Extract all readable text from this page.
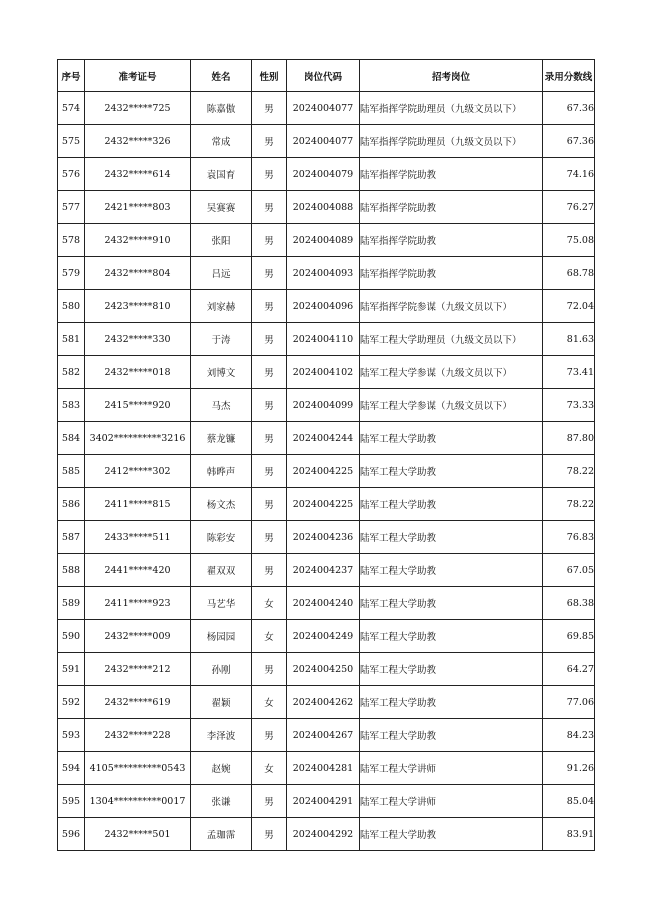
序号	准考证号	姓名	性别	岗位代码	招考岗位	录用分数线
574	2432*****725	陈嘉傲	男	2024004077	陆军指挥学院助理员（九级文员以下）	67.36
575	2432*****326	常成	男	2024004077	陆军指挥学院助理员（九级文员以下）	67.36
576	2432*****614	袁国育	男	2024004079	陆军指挥学院助教	74.16
577	2421*****803	吴赛赛	男	2024004088	陆军指挥学院助教	76.27
578	2432*****910	张阳	男	2024004089	陆军指挥学院助教	75.08
579	2432*****804	吕远	男	2024004093	陆军指挥学院助教	68.78
580	2423*****810	刘家赫	男	2024004096	陆军指挥学院参谋（九级文员以下）	72.04
581	2432*****330	于涛	男	2024004110	陆军工程大学助理员（九级文员以下）	81.63
582	2432*****018	刘博文	男	2024004102	陆军工程大学参谋（九级文员以下）	73.41
583	2415*****920	马杰	男	2024004099	陆军工程大学参谋（九级文员以下）	73.33
584	3402**********3216	蔡龙镰	男	2024004244	陆军工程大学助教	87.80
585	2412*****302	韩晔声	男	2024004225	陆军工程大学助教	78.22
586	2411*****815	杨文杰	男	2024004225	陆军工程大学助教	78.22
587	2433*****511	陈彩安	男	2024004236	陆军工程大学助教	76.83
588	2441*****420	翟双双	男	2024004237	陆军工程大学助教	67.05
589	2411*****923	马艺华	女	2024004240	陆军工程大学助教	68.38
590	2432*****009	杨园园	女	2024004249	陆军工程大学助教	69.85
591	2432*****212	孙刚	男	2024004250	陆军工程大学助教	64.27
592	2432*****619	翟颖	女	2024004262	陆军工程大学助教	77.06
593	2432*****228	李泽波	男	2024004267	陆军工程大学助教	84.23
594	4105**********0543	赵婉	女	2024004281	陆军工程大学讲师	91.26
595	1304**********0017	张谦	男	2024004291	陆军工程大学讲师	85.04
596	2432*****501	孟珈霈	男	2024004292	陆军工程大学助教	83.91
